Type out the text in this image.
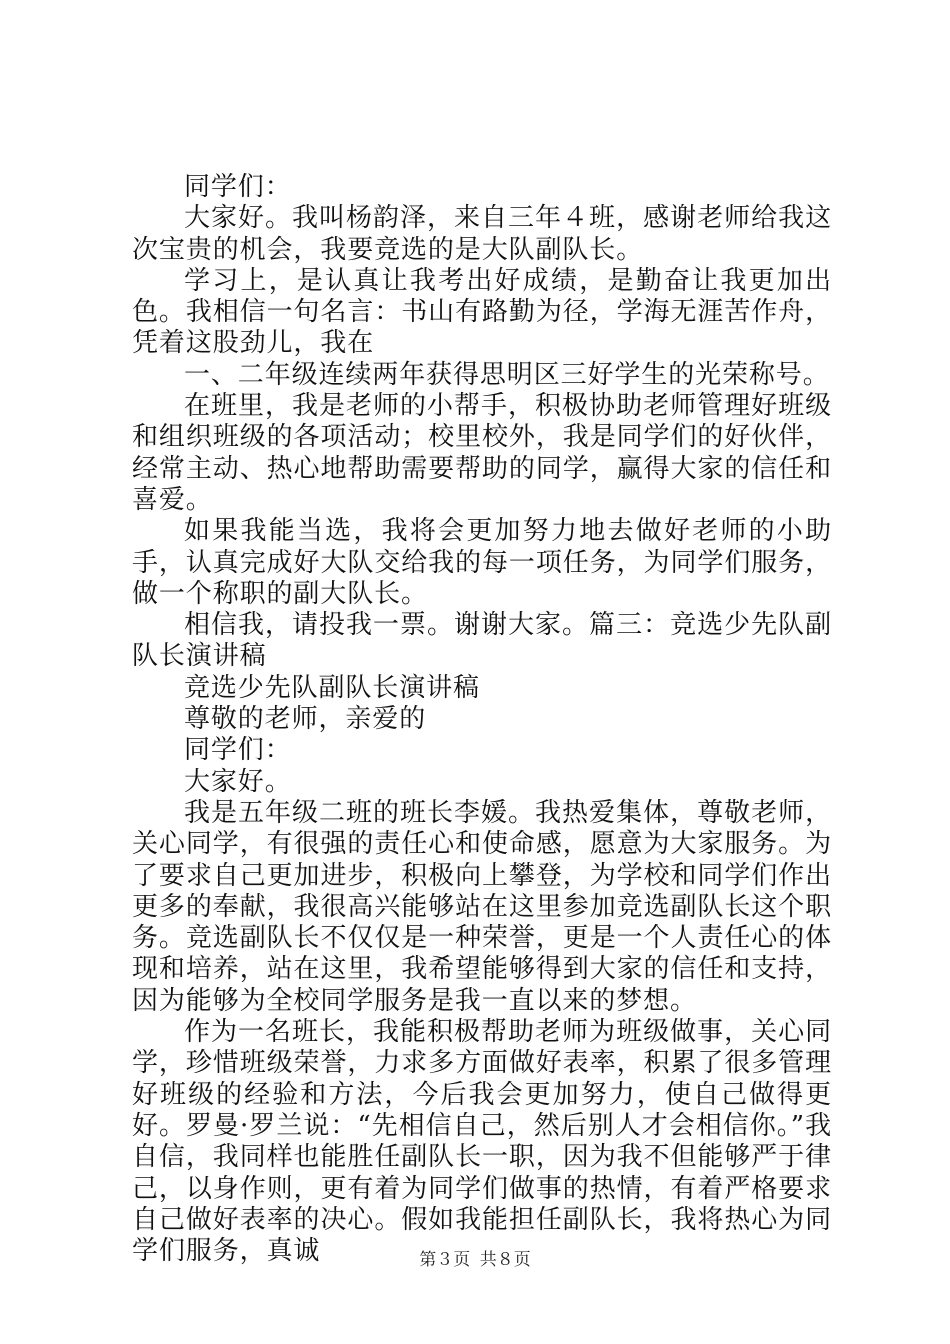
同学们：

大家好。我叫杨韵泽，来自三年４班，感谢老师给我这次宝贵的机会，我要竞选的是大队副队长。

学习上，是认真让我考出好成绩，是勤奋让我更加出色。我相信一句名言：书山有路勤为径，学海无涯苦作舟，凭着这股劲儿，我在

一、二年级连续两年获得思明区三好学生的光荣称号。

在班里，我是老师的小帮手，积极协助老师管理好班级和组织班级的各项活动；校里校外，我是同学们的好伙伴，经常主动、热心地帮助需要帮助的同学，赢得大家的信任和喜爱。

如果我能当选，我将会更加努力地去做好老师的小助手，认真完成好大队交给我的每一项任务，为同学们服务，做一个称职的副大队长。

相信我，请投我一票。谢谢大家。篇三：竞选少先队副队长演讲稿

竞选少先队副队长演讲稿

尊敬的老师，亲爱的

同学们：

大家好。

我是五年级二班的班长李媛。我热爱集体，尊敬老师，关心同学，有很强的责任心和使命感，愿意为大家服务。为了要求自己更加进步，积极向上攀登，为学校和同学们作出更多的奉献，我很高兴能够站在这里参加竞选副队长这个职务。竞选副队长不仅仅是一种荣誉，更是一个人责任心的体现和培养，站在这里，我希望能够得到大家的信任和支持，因为能够为全校同学服务是我一直以来的梦想。

作为一名班长，我能积极帮助老师为班级做事，关心同学，珍惜班级荣誉，力求多方面做好表率，积累了很多管理好班级的经验和方法，今后我会更加努力，使自己做得更好。罗曼·罗兰说：“先相信自己，然后别人才会相信你。”我自信，我同样也能胜任副队长一职，因为我不但能够严于律己，以身作则，更有着为同学们做事的热情，有着严格要求自己做好表率的决心。假如我能担任副队长，我将热心为同学们服务，真诚	第３页 共８页
